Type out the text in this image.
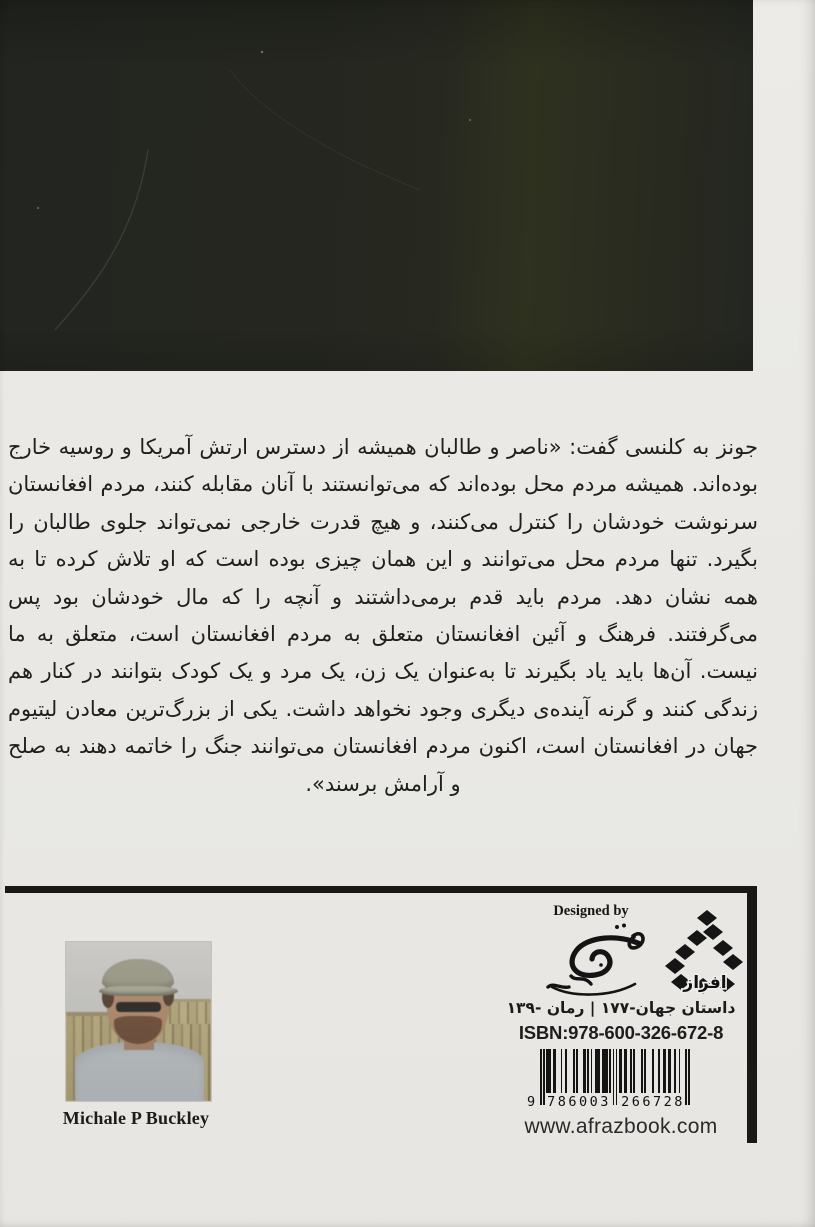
جونز به کلنسی گفت: «ناصر و طالبان همیشه از دسترس ارتش آمریکا و روسیه خارج بوده‌اند. همیشه مردم محل بوده‌اند که می‌توانستند با آنان مقابله کنند، مردم افغانستان سرنوشت خودشان را کنترل می‌کنند، و هیچ قدرت خارجی نمی‌تواند جلوی طالبان را بگیرد. تنها مردم محل می‌توانند و این همان چیزی بوده است که او تلاش کرده تا به همه نشان دهد. مردم باید قدم برمی‌داشتند و آنچه را که مال خودشان بود پس می‌گرفتند. فرهنگ و آئین افغانستان متعلق به مردم افغانستان است، متعلق به ما نیست. آن‌ها باید یاد بگیرند تا به‌عنوان یک زن، یک مرد و یک کودک بتوانند در کنار هم زندگی کنند و گرنه آینده‌ی دیگری وجود نخواهد داشت. یکی از بزرگ‌ترین معادن لیتیوم جهان در افغانستان است، اکنون مردم افغانستان می‌توانند جنگ را خاتمه دهند به صلح و آرامش برسند».

Michale P Buckley
Designed by
افراز
داستان جهان-۱۷۷ | رمان -۱۳۹
ISBN:978-600-326-672-8
9 786003 266728
www.afrazbook.com
